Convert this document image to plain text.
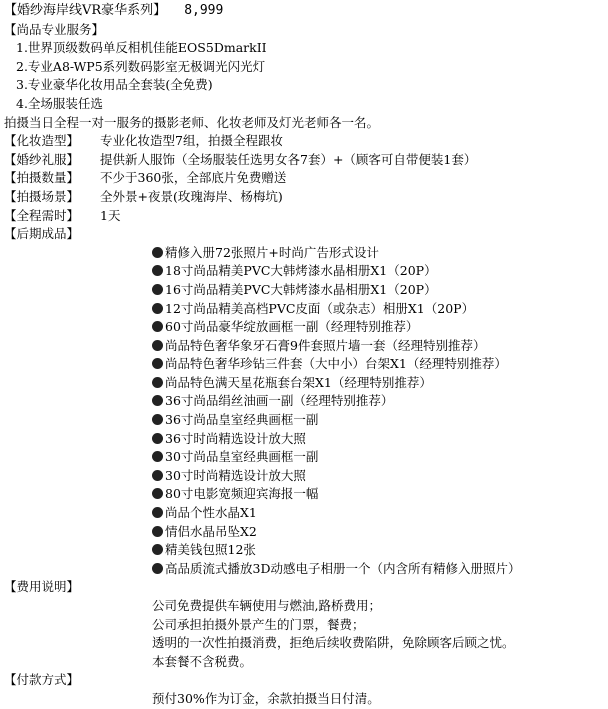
【婚纱海岸线VR豪华系列】 8,999
【尚品专业服务】
1.世界顶级数码单反相机佳能EOS5DmarkII
2.专业A8-WP5系列数码影室无极调光闪光灯
3.专业豪华化妆用品全套装(全免费)
4.全场服装任选
拍摄当日全程一对一服务的摄影老师、化妆老师及灯光老师各一名。
【化妆造型】 专业化妆造型7组，拍摄全程跟妆
【婚纱礼服】 提供新人服饰（全场服装任选男女各7套）+（顾客可自带便装1套）
【拍摄数量】 不少于360张，全部底片免费赠送
【拍摄场景】 全外景+夜景(玫瑰海岸、杨梅坑)
【全程需时】 1天
【后期成品】
精修入册72张照片+时尚广告形式设计
18寸尚品精美PVC大韩烤漆水晶相册X1（20P）
16寸尚品精美PVC大韩烤漆水晶相册X1（20P）
12寸尚品精美高档PVC皮面（或杂志）相册X1（20P）
60寸尚品豪华绽放画框一副（经理特别推荐）
尚品特色奢华象牙石膏9件套照片墙一套（经理特别推荐）
尚品特色奢华珍钻三件套（大中小）台架X1（经理特别推荐）
尚品特色满天星花瓶套台架X1（经理特别推荐）
36寸尚品绢丝油画一副（经理特别推荐）
36寸尚品皇室经典画框一副
36寸时尚精选设计放大照
30寸尚品皇室经典画框一副
30寸时尚精选设计放大照
80寸电影宽频迎宾海报一幅
尚品个性水晶X1
情侣水晶吊坠X2
精美钱包照12张
高品质流式播放3D动感电子相册一个（内含所有精修入册照片）
【费用说明】
公司免费提供车辆使用与燃油,路桥费用；
公司承担拍摄外景产生的门票，餐费；
透明的一次性拍摄消费，拒绝后续收费陷阱，免除顾客后顾之忧。
本套餐不含税费。
【付款方式】
预付30%作为订金，余款拍摄当日付清。
